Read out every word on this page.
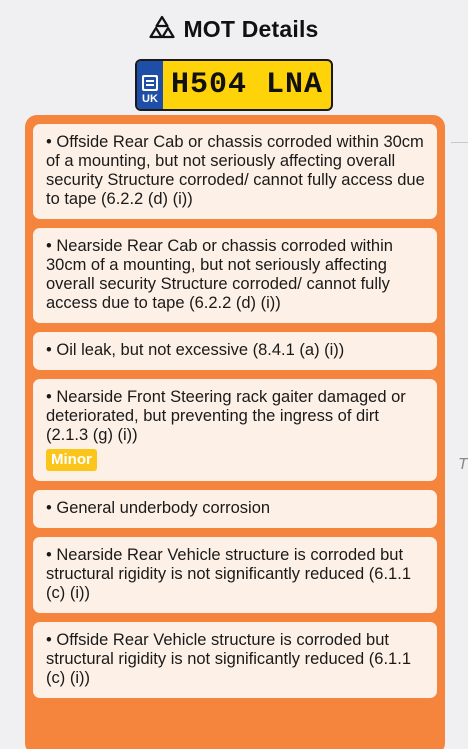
MOT Details
UK H504 LNA
• Offside Rear Cab or chassis corroded within 30cm of a mounting, but not seriously affecting overall security Structure corroded/ cannot fully access due to tape (6.2.2 (d) (i))
• Nearside Rear Cab or chassis corroded within 30cm of a mounting, but not seriously affecting overall security Structure corroded/ cannot fully access due to tape (6.2.2 (d) (i))
• Oil leak, but not excessive (8.4.1 (a) (i))
• Nearside Front Steering rack gaiter damaged or deteriorated, but preventing the ingress of dirt (2.1.3 (g) (i))
Minor
• General underbody corrosion
• Nearside Rear Vehicle structure is corroded but structural rigidity is not significantly reduced (6.1.1 (c) (i))
• Offside Rear Vehicle structure is corroded but structural rigidity is not significantly reduced (6.1.1 (c) (i))
T
